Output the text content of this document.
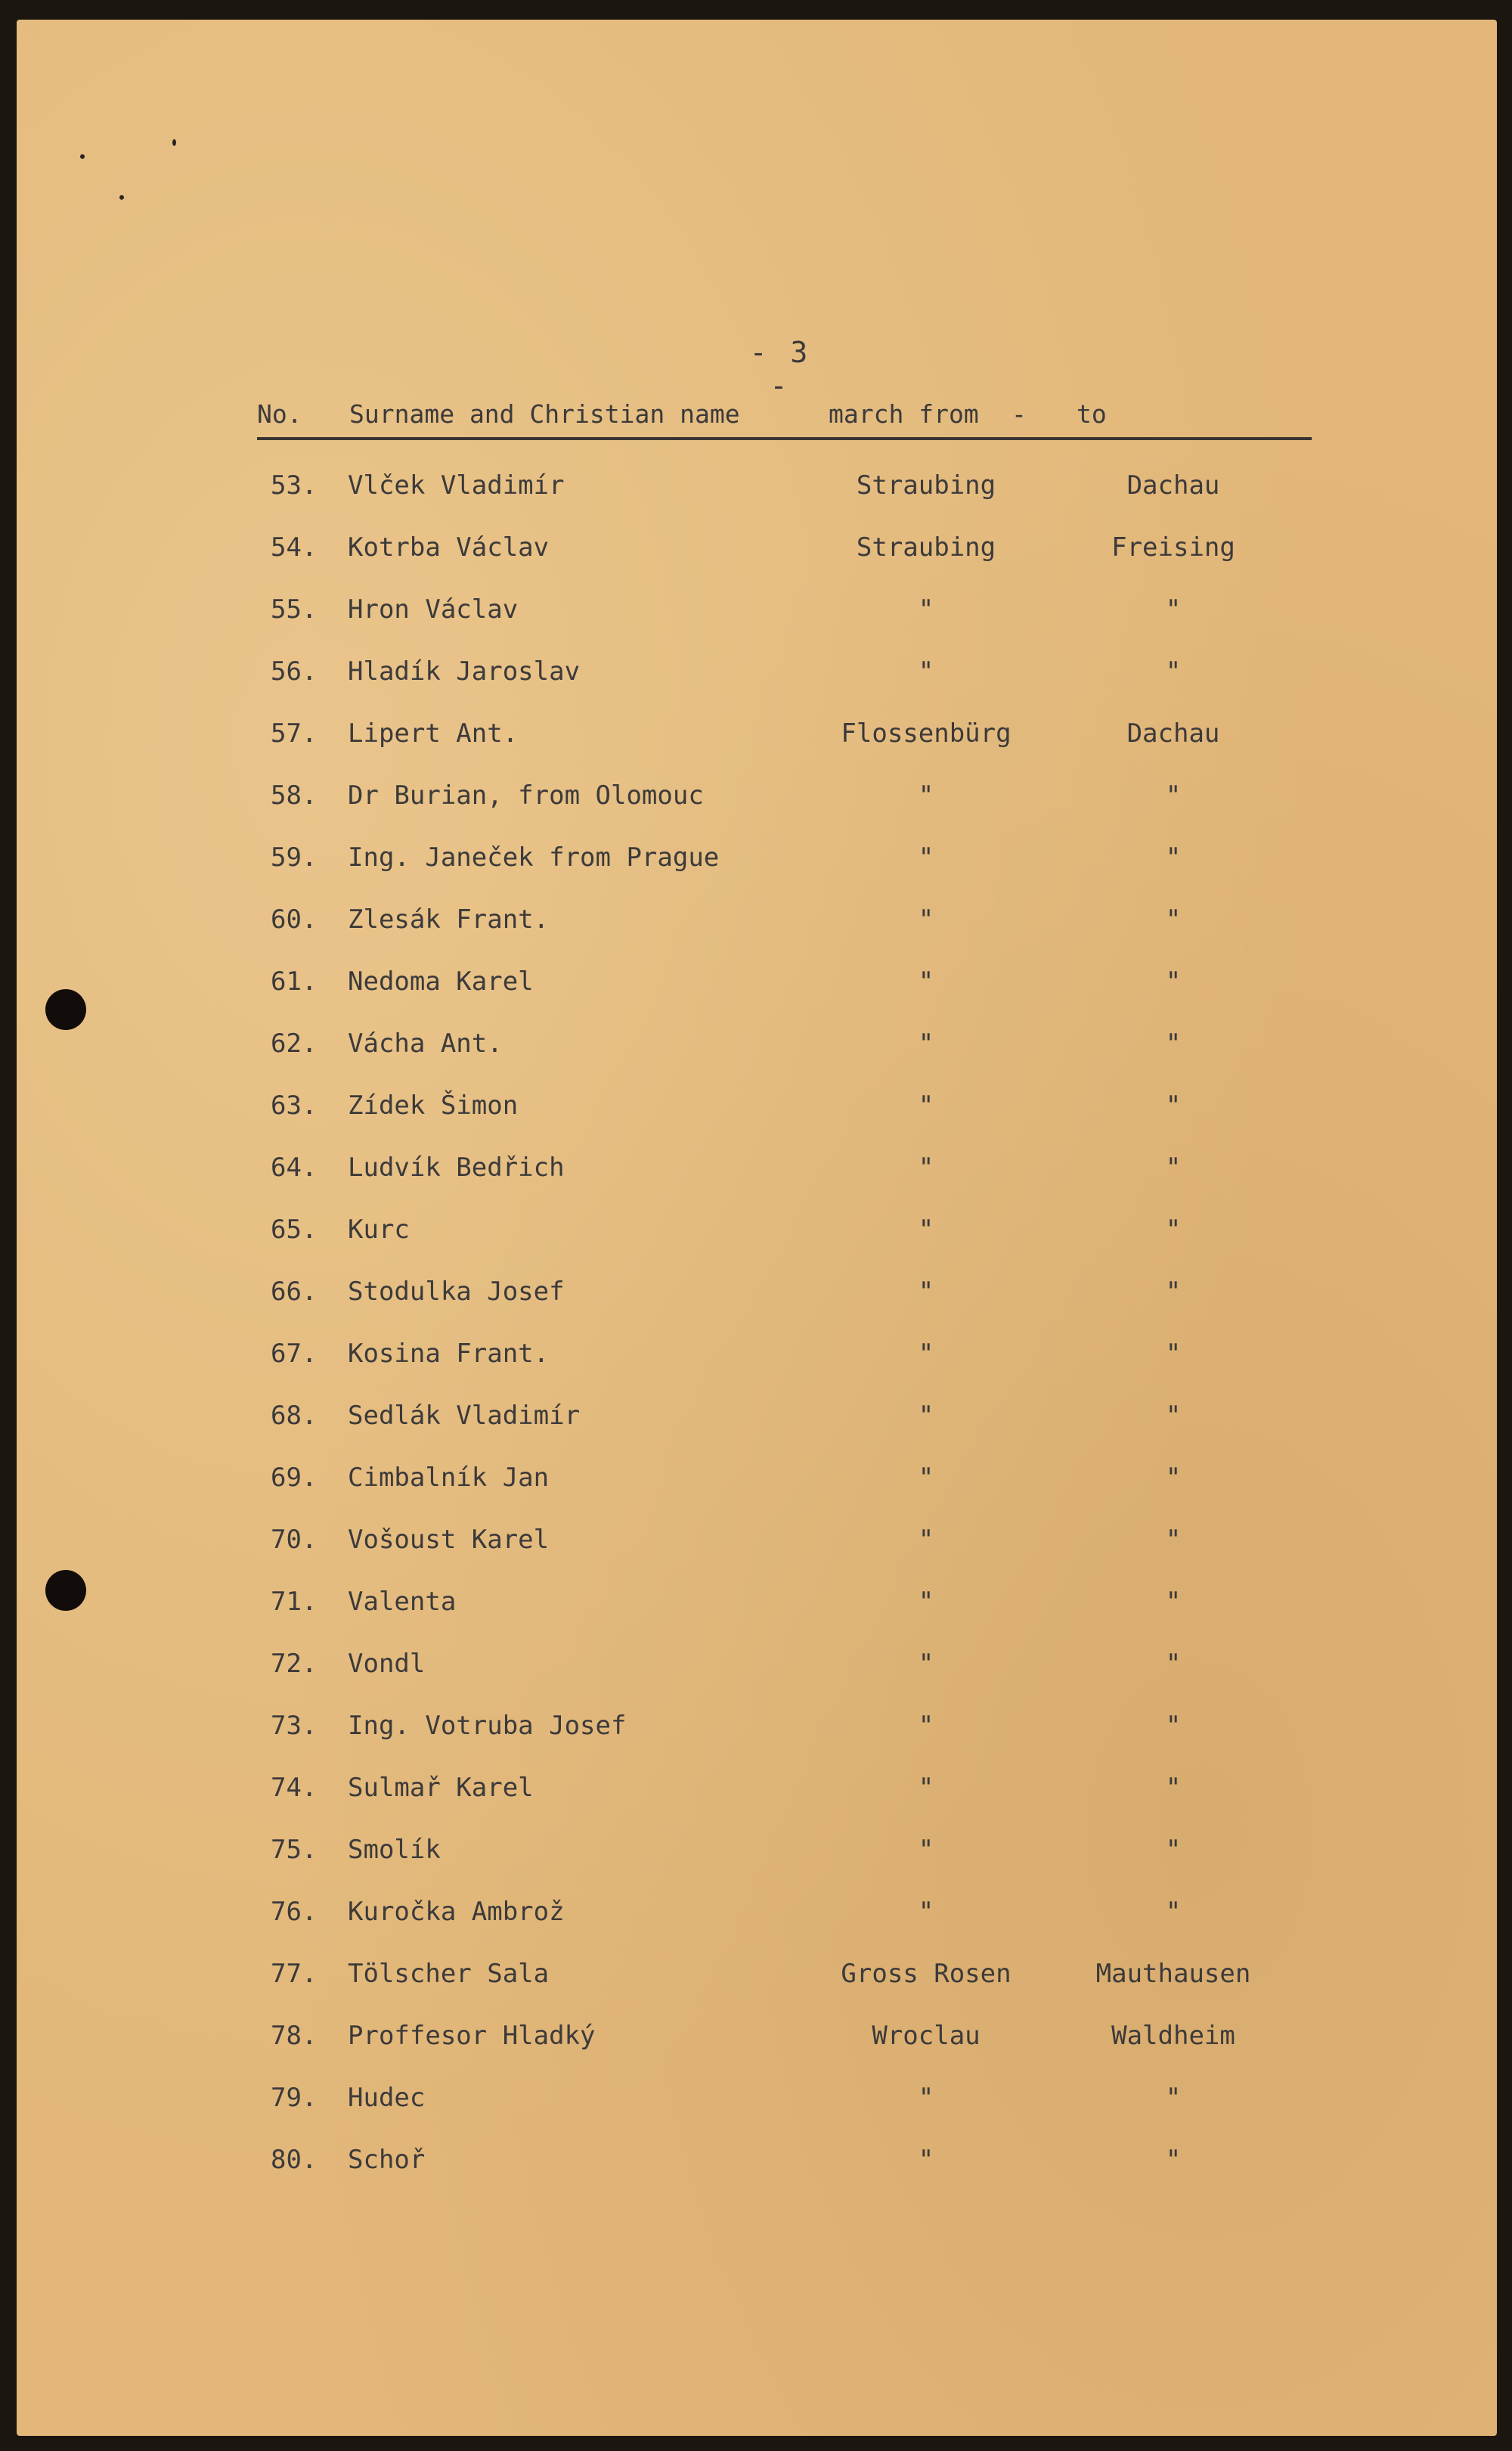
- 3 -
No. Surname and Christian name	march from - to
53.	Vlček Vladimír	Straubing	Dachau
54.	Kotrba Václav	Straubing	Freising
55.	Hron Václav	"	"
56.	Hladík Jaroslav	"	"
57.	Lipert Ant.	Flossenbürg	Dachau
58.	Dr Burian, from Olomouc	"	"
59.	Ing. Janeček from Prague	"	"
60.	Zlesák Frant.	"	"
61.	Nedoma Karel	"	"
62.	Vácha Ant.	"	"
63.	Zídek Šimon	"	"
64.	Ludvík Bedřich	"	"
65.	Kurc	"	"
66.	Stodulka Josef	"	"
67.	Kosina Frant.	"	"
68.	Sedlák Vladimír	"	"
69.	Cimbalník Jan	"	"
70.	Vošoust Karel	"	"
71.	Valenta	"	"
72.	Vondl	"	"
73.	Ing. Votruba Josef	"	"
74.	Sulmař Karel	"	"
75.	Smolík	"	"
76.	Kuročka Ambrož	"	"
77.	Tölscher Sala	Gross Rosen	Mauthausen
78.	Proffesor Hladký	Wroclau	Waldheim
79.	Hudec	"	"
80.	Schoř	"	"
